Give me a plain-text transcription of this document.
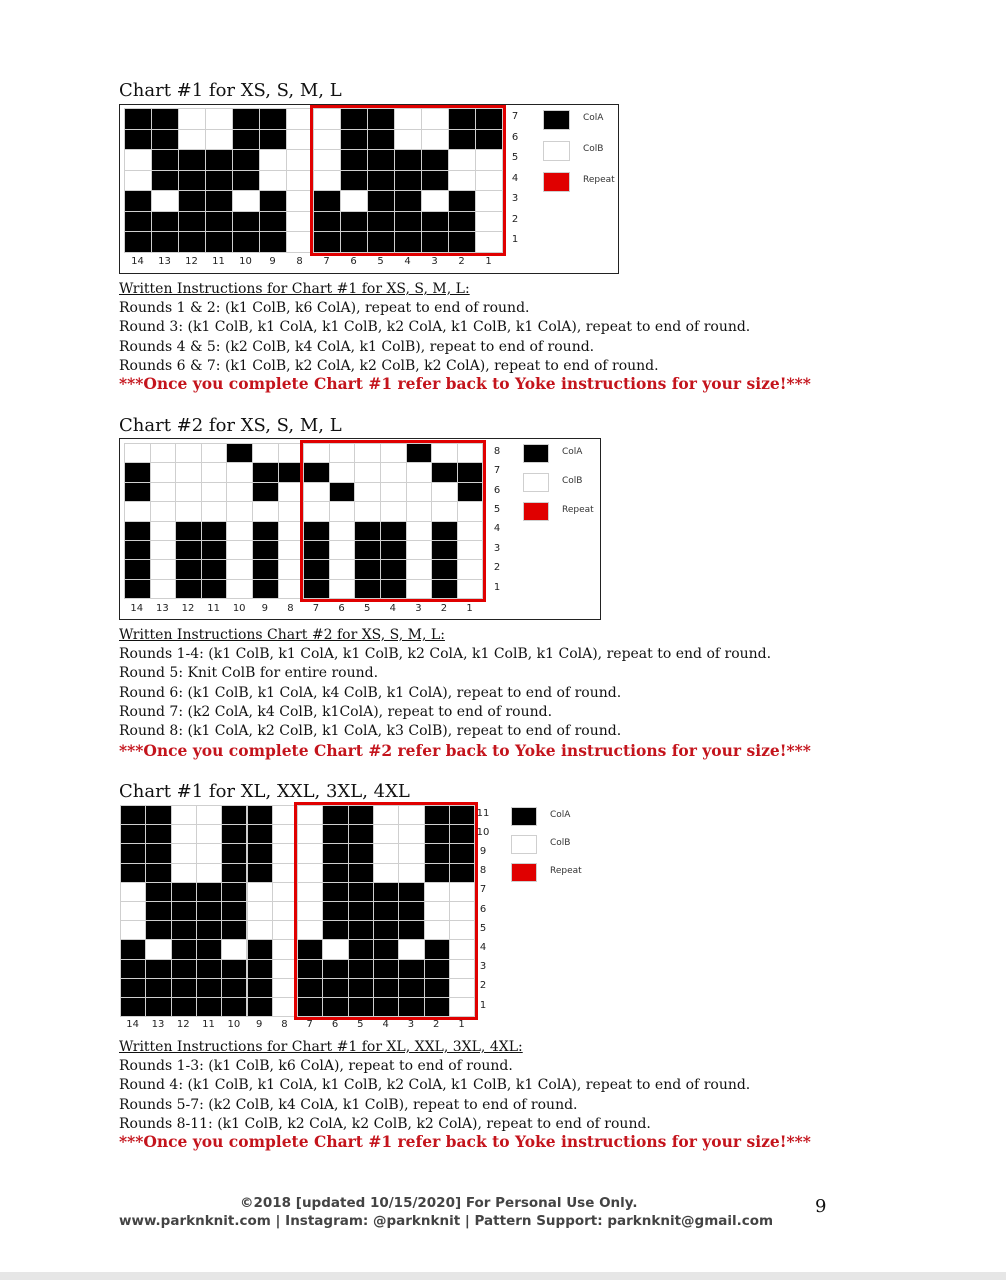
Chart #1 for XS, S, M, L
7
6
5
4
3
2
1
14	13	12	11	10	9	8	7	6	5	4	3	2	1
ColA
ColB
Repeat
Written Instructions for Chart #1 for XS, S, M, L:
Rounds 1 & 2: (k1 ColB, k6 ColA), repeat to end of round.
Round 3: (k1 ColB, k1 ColA, k1 ColB, k2 ColA, k1 ColB, k1 ColA), repeat to end of round.
Rounds 4 & 5: (k2 ColB, k4 ColA, k1 ColB), repeat to end of round.
Rounds 6 & 7: (k1 ColB, k2 ColA, k2 ColB, k2 ColA), repeat to end of round.
***Once you complete Chart #1 refer back to Yoke instructions for your size!***
Chart #2 for XS, S, M, L
8
7
6
5
4
3
2
1
14	13	12	11	10	9	8	7	6	5	4	3	2	1
ColA
ColB
Repeat
Written Instructions Chart #2 for XS, S, M, L:
Rounds 1-4: (k1 ColB, k1 ColA, k1 ColB, k2 ColA, k1 ColB, k1 ColA), repeat to end of round.
Round 5: Knit ColB for entire round.
Round 6: (k1 ColB, k1 ColA, k4 ColB, k1 ColA), repeat to end of round.
Round 7: (k2 ColA, k4 ColB, k1ColA), repeat to end of round.
Round 8: (k1 ColA, k2 ColB, k1 ColA, k3 ColB), repeat to end of round.
***Once you complete Chart #2 refer back to Yoke instructions for your size!***
Chart #1 for XL, XXL, 3XL, 4XL
11
10
9
8
7
6
5
4
3
2
1
14	13	12	11	10	9	8	7	6	5	4	3	2	1
ColA
ColB
Repeat
Written Instructions for Chart #1 for XL, XXL, 3XL, 4XL:
Rounds 1-3: (k1 ColB, k6 ColA), repeat to end of round.
Round 4: (k1 ColB, k1 ColA, k1 ColB, k2 ColA, k1 ColB, k1 ColA), repeat to end of round.
Rounds 5-7: (k2 ColB, k4 ColA, k1 ColB), repeat to end of round.
Rounds 8-11: (k1 ColB, k2 ColA, k2 ColB, k2 ColA), repeat to end of round.
***Once you complete Chart #1 refer back to Yoke instructions for your size!***
©2018 [updated 10/15/2020] For Personal Use Only.
www.parknknit.com | Instagram: @parknknit | Pattern Support: parknknit@gmail.com
9
